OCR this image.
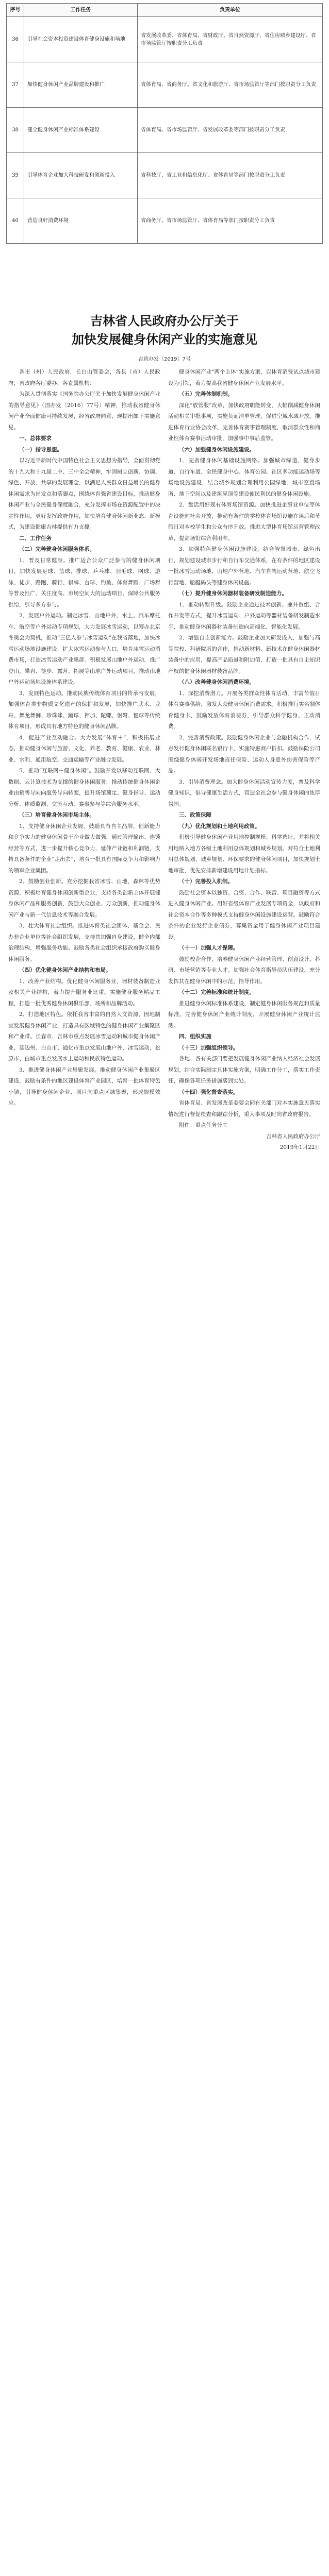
序号	工作任务	负责单位
36	引导社会资本投资建设体育健身设施和场地	省发展改革委、省体育局、省财政厅、省自然资源厅、省住房城乡建设厅、省市场监管厅按职责分工负责
37	加快健身休闲产业品牌建设和推广	省体育局、省商务厅、省文化和旅游厅、省市场监管厅等部门按职责分工负责
38	健全健身休闲产业标准体系建设	省体育局、省市场监管厅、省发展改革委等部门按职责分工负责
39	引导体育企业加大科技研发和创新投入	省科技厅、省工业和信息化厅、省体育局等部门按职责分工负责
40	营造良好消费环境	省商务厅、省市场监管厅、省体育局等部门按职责分工负责
吉林省人民政府办公厅关于
加快发展健身休闲产业的实施意见
吉政办发〔2019〕7号

各市（州）人民政府，长白山管委会，各县（市）人民政府，省政府各厅委办、各直属机构：

为深入贯彻落实《国务院办公厅关于加快发展健身休闲产业的指导意见》（国办发〔2016〕77号）精神，推动我省健身休闲产业全面健康可持续发展，经省政府同意，现提出如下实施意见。

一、总体要求

（一）指导思想。

以习近平新时代中国特色社会主义思想为指导，全面贯彻党的十九大和十九届二中、三中全会精神，牢固树立创新、协调、绿色、开放、共享的发展理念，以满足人民群众日益增长的健身休闲需求为出发点和落脚点，围绕体育强省建设目标，推动健身休闲产业与全民健身深度融合，充分发挥市场在资源配置中的决定性作用，更好发挥政府作用，加快培育健身休闲新业态、新模式，为建设健康吉林提供有力支撑。

二、工作任务

（二）完善健身休闲服务体系。

1．普及日常健身。推广适合公众广泛参与的健身休闲项目，加快发展足球、篮球、排球、乒乓球、羽毛球、网球、游泳、徒步、路跑、骑行、棋牌、台球、钓鱼、体育舞蹈、广场舞等普及性广、关注度高、市场空间大的运动项目，保障公共服务供给，引导多方参与。

2．发展户外运动。制定冰雪、山地户外、水上、汽车摩托车、航空等户外运动专项规划，大力发展冰雪运动，以筹办北京冬奥会为契机，推动“三亿人参与冰雪运动”在我省落地，加快冰雪运动场地设施建设，扩大冰雪运动参与人口，培育冰雪运动消费市场，打造冰雪运动产业集群。积极发展山地户外运动，推广登山、攀岩、徒步、露营、拓展等山地户外运动项目，推动山地户外运动场地设施体系建设。

3．发展特色运动。推动民族传统体育项目的传承与发展，加强体育类非物质文化遗产的保护和发展，加快推广武术、龙舟、舞龙舞狮、珍珠球、蹴球、押加、陀螺、射弩、毽球等传统体育项目，形成具有地方特色的健身休闲品牌。

4．促进产业互动融合。大力发展“体育＋”，积极拓展业态，推动健身休闲与旅游、文化、养老、教育、健康、农业、林业、水利、通用航空、交通运输等产业融合发展。

5．推动“互联网＋健身休闲”。鼓励开发以移动互联网、大数据、云计算技术为支撑的健身休闲服务，推动传统健身休闲企业由销售导向向服务导向转变，提升场馆预定、健身指导、运动分析、体质监测、交流互动、赛事参与等综合服务水平。

（三）培育健身休闲市场主体。

1．支持健身休闲企业发展。鼓励具有自主品牌、创新能力和竞争实力的健身休闲骨干企业做大做强，通过管理输出、连锁经营等方式，进一步提升核心竞争力，延伸产业链和利润链，支持具备条件的企业“走出去”，培育一批具有国际竞争力和影响力的领军企业集团。

2．鼓励创业创新。充分挖掘我省冰雪、山地、森林等优势资源，积极培育健身休闲创新型企业，支持各类创新主体开展健身休闲产品和服务创新，鼓励大众创业、万众创新，推动健身休闲产业与新一代信息技术等融合发展。

3．壮大体育社会组织。推进体育类社会团体、基金会、民办非企业单位等社会组织发展，支持其加强自身建设，健全内部治理结构，增强服务功能。鼓励各类社会组织承接政府购买健身休闲服务。

（四）优化健身休闲产业结构和布局。

1．改善产业结构。优化健身休闲服务业、器材装备制造业及相关产业结构，着力提升服务业比重。实施健身服务精品工程，打造一批优秀健身休闲俱乐部、场所和品牌活动。

2．打造地区特色。依托我省丰富的自然人文资源，因地制宜发展健身休闲产业，打造具有区域特色的健身休闲产业集聚区和产业带。长春市、吉林市重点发展冰雪运动和城市健身休闲产业，延边州、白山市、通化市重点发展山地户外、冰雪运动，松原市、白城市重点发展水上运动和民族特色运动。

3．推进健身休闲产业集聚发展。推动健身休闲产业集聚区建设，鼓励有条件的地区建设体育产业园区，培育一批体育特色小镇，引导健身休闲企业、项目向重点区域集聚，形成规模效应。

健身休闲产业“两个主体”实施方案，以体育消费试点城市建设为引领，着力提高我省健身休闲产业发展水平。

（五）完善体制机制。

深化“放管服”改革，加快政府职能转变，大幅削减健身休闲活动相关审批事项，实施负面清单管理，促进空域水域开放。推进体育行业协会改革，完善体育赛事管理制度，取消群众性和商业性体育赛事活动审批，加强事中事后监管。

（六）加强健身休闲设施建设。

1．完善健身休闲基础设施网络。加强城市绿道、健身步道、自行车道、全民健身中心、体育公园、社区多功能运动场等场地设施建设，结合城乡规划合理利用公园绿地、城市空置场所、地下空间以及建筑屋顶等建设便民利民的健身休闲设施。

2．盘活用好现有体育场馆资源。加快推进企事业单位等体育设施向社会开放，推动有条件的学校体育场馆设施在课后和节假日对本校学生和公众有序开放。推进大型体育场馆运营管理改革，提高场馆综合利用率。

3．加强特色健身休闲设施建设。结合智慧城市、绿色出行，规划建设城市步行和自行车交通体系，在有条件的地区建设一批冰雪运动场地、山地户外营地、汽车自驾运动营地、航空飞行营地、船艇码头等健身休闲设施。

（七）提升健身休闲器材装备研发制造能力。

1．推动转型升级。鼓励企业通过技术创新、兼并重组、合作开发等方式，提升冰雪运动、户外运动等器材装备研发制造水平，推动健身休闲器材装备制造向高端化、智能化发展。

2．增强自主创新能力。鼓励企业加大研发投入，加强与高等院校、科研院所的合作，推动新材料、新技术在健身休闲器材装备中的应用，提高产品质量和附加值，打造一批具有自主知识产权的健身休闲器材装备品牌。

（八）改善健身休闲消费环境。

1．深挖消费潜力。开展各类群众性体育活动，丰富节假日体育赛事供给，激发大众健身休闲消费需求。积极推行实名制体育健身卡，鼓励发放体育消费券，引导群众科学健身、主动消费。

2．完善消费政策。鼓励健身休闲企业与金融机构合作，试点发行健身休闲联名银行卡，实施特惠商户折扣。鼓励保险公司围绕健身休闲开发场地责任保险、运动人身意外伤害保险等产品。

3．引导消费理念。加大健身休闲活动宣传力度，普及科学健身知识，倡导健康生活方式，营造全社会参与健身休闲的浓厚氛围。

三、政策保障

（九）优化规划和土地利用政策。

积极引导健身休闲产业用地控制规模、科学选址，并将相关用地纳入地方各级土地利用总体规划和城乡规划。对符合土地利用总体规划、城乡规划、环保要求的健身休闲项目，加快规划土地审批，优先安排新增建设用地计划指标。

（十）完善投入机制。

鼓励社会资本以独资、合资、合作、联营、项目融资等方式进入健身休闲产业。用好省级体育产业发展专项资金，以政府和社会资本合作等多种模式支持健身休闲设施建设运营。鼓励符合条件的企业发行企业债券，募集资金用于健身休闲产业项目建设。

（十一）加强人才保障。

鼓励校企合作，培养健身休闲产业经营管理、创意设计、科研、市场营销等专业人才。加强社会体育指导员队伍建设，充分发挥其在健身休闲中的示范、指导作用。

（十二）完善标准和统计制度。

推进健身休闲标准体系建设，制定健身休闲服务规范和质量标准。完善健身休闲产业统计制度，开展健身休闲产业统计监测。

四、组织实施

（十三）加强组织领导。

各地、各有关部门要把发展健身休闲产业纳入经济社会发展规划，结合实际制定具体实施方案，明确工作分工，落实工作责任，确保各项任务措施落到实处。

（十四）强化督查落实。

省体育局、省发展改革委要会同有关部门对本实施意见落实情况进行督促检查和跟踪分析，重大事项及时向省政府报告。

附件：重点任务分工

吉林省人民政府办公厅

2019年1月22日
